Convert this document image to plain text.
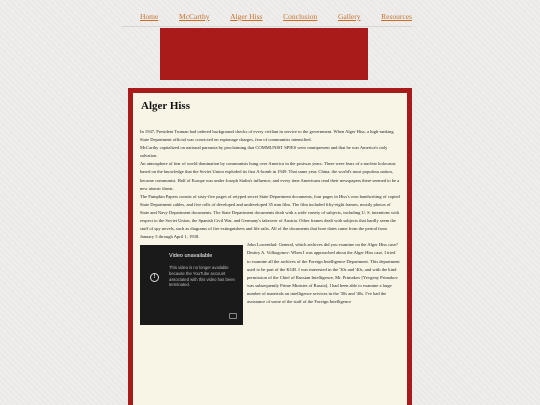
Home	McCarthy	Alger Hiss	Conclusion	Gallery	Resources
Alger Hiss

In 1947, President Truman had ordered background checks of every civilian in service to the government. When Alger Hiss, a high-ranking State Department official was convicted on espionage charges, fear of communists intensified.

McCarthy capitalized on national paranoia by proclaiming that COMMUNIST SPIES were omnipresent and that he was America's only salvation.

An atmosphere of fear of world domination by communists hung over America in the postwar years. There were fears of a nuclear holocaust based on the knowledge that the Soviet Union exploded its first A-bomb in 1949. That same year, China, the world's most populous nation, became communist. Half of Europe was under Joseph Stalin's influence, and every time Americans read their newspapers there seemed to be a new atomic threat.

The Pumpkin Papers consist of sixty-five pages of retyped secret State Department documents, four pages in Hiss's own handwriting of copied State Department cables, and five rolls of developed and undeveloped 35 mm film. The film included fifty-eight frames, mostly photos of State and Navy Department documents. The State Department documents dealt with a wide variety of subjects, including U. S. intentions with respect to the Soviet Union, the Spanish Civil War, and Germany's takeover of Austria. Other frames dealt with subjects that hardly seem the stuff of spy novels, such as diagrams of fire extinguishers and life rafts. All of the documents that bore dates came from the period from January 5 through April 1, 1938.

Video unavailable
!
This video is no longer available because the YouTube account associated with this video has been terminated.

John Lowenthal: General, which archives did you examine on the Alger Hiss case?

Dmitry A. Volkogonov: When I was approached about the Alger Hiss case, I tried to examine all the archives of the Foreign Intelligence Department. This department used to be part of the KGB. I was interested in the '30s and '40s, and with the kind permission of the Chief of Russian Intelligence, Mr. Primakov [Yevgeny Primakov was subsequently Prime Minister of Russia], I had been able to examine a large number of materials on intelligence services in the '30s and '40s. I've had the assistance of some of the staff of the Foreign Intelligence
